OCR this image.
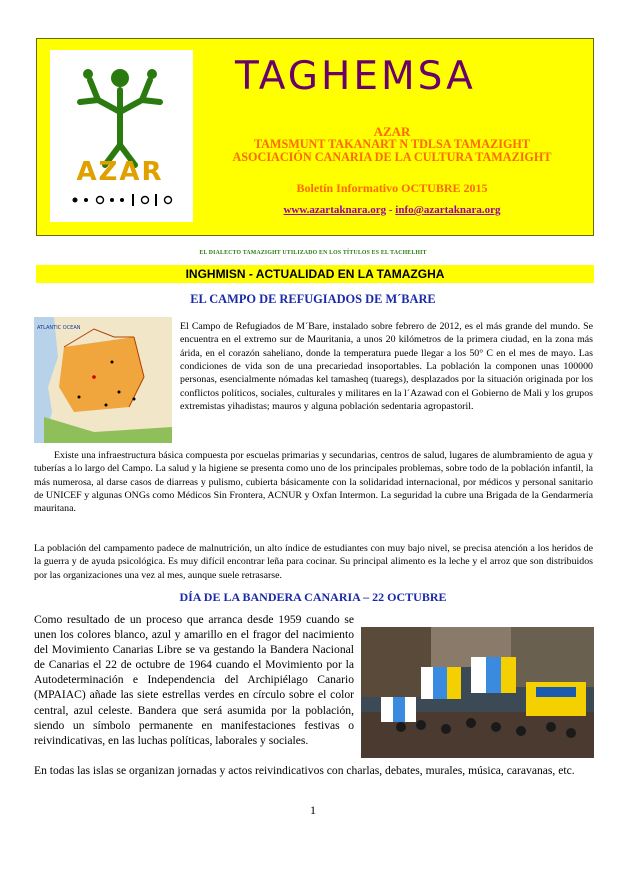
AZAR
TAGHEMSA
AZAR
TAMSMUNT TAKANART N TDLSA TAMAZIGHT
ASOCIACIÓN CANARIA DE LA CULTURA TAMAZIGHT
Boletín Informativo OCTUBRE 2015
www.azartaknara.org - info@azartaknara.org
EL DIALECTO TAMAZIGHT UTILIZADO EN LOS TÍTULOS ES EL TACHELHIT
INGHMISN - ACTUALIDAD EN LA TAMAZGHA
EL CAMPO DE REFUGIADOS DE M´BARE
ATLANTIC OCEAN	El Campo de Refugiados de M´Bare, instalado sobre febrero de 2012, es el más grande del mundo. Se encuentra en el extremo sur de Mauritania, a unos 20 kilómetros de la primera ciudad, en la zona más árida, en el corazón saheliano, donde la temperatura puede llegar a los 50° C en el mes de mayo. Las condiciones de vida son de una precariedad insoportables. La población la componen unas 100000 personas, esencialmente nómadas kel tamasheq (tuaregs), desplazados por la situación originada por los conflictos políticos, sociales, culturales y militares en la l´Azawad con el Gobierno de Mali y los grupos extremistas yihadistas; mauros y alguna población sedentaria agropastoril.
Existe una infraestructura básica compuesta por escuelas primarias y secundarias, centros de salud, lugares de alumbramiento de agua y tuberías a lo largo del Campo. La salud y la higiene se presenta como uno de los principales problemas, sobre todo de la población infantil, la más numerosa, al darse casos de diarreas y pulismo, cubierta básicamente con la solidaridad internacional, por médicos y personal sanitario de UNICEF y algunas ONGs como Médicos Sin Frontera, ACNUR y Oxfan Intermon. La seguridad la cubre una Brigada de la Gendarmería mauritana.
La población del campamento padece de malnutrición, un alto índice de estudiantes con muy bajo nivel, se precisa atención a los heridos de la guerra y de ayuda psicológica. Es muy difícil encontrar leña para cocinar. Su principal alimento es la leche y el arroz que son distribuidos por las organizaciones una vez al mes, aunque suele retrasarse.
DÍA DE LA BANDERA CANARIA – 22 OCTUBRE
Como resultado de un proceso que arranca desde 1959 cuando se unen los colores blanco, azul y amarillo en el fragor del nacimiento del Movimiento Canarias Libre se va gestando la Bandera Nacional de Canarias el 22 de octubre de 1964 cuando el Movimiento por la Autodeterminación e Independencia del Archipiélago Canario (MPAIAC) añade las siete estrellas verdes en círculo sobre el color central, azul celeste. Bandera que será asumida por la población, siendo un símbolo permanente en manifestaciones festivas o reivindicativas, en las luchas políticas, laborales y sociales.
En todas las islas se organizan jornadas y actos reivindicativos con charlas, debates, murales, música, caravanas, etc.
1
